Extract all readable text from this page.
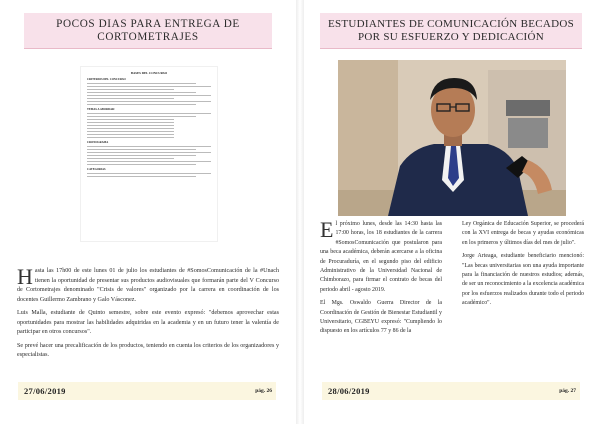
POCOS DIAS PARA ENTREGA DE CORTOMETRAJES
BASES DEL CONCURSO
CRITERIOS DEL CONCURSO
TEMAS A ABORDAR:
CRONOGRAMA
CATEGORIAS

Hasta las 17h00 de este lunes 01 de julio los estudiantes de #SomosComunicación de la #Unach tienen la oportunidad de presentar sus productos audiovisuales que formarán parte del V Concurso de Cortometrajes denominado "Crisis de valores" organizado por la carrera en coordinación de los docentes Guillermo Zambrano y Galo Vásconez.

Luis Malla, estudiante de Quinto semestre, sobre este evento expresó: "debemos aprovechar estas oportunidades para mostrar las habilidades adquiridas en la academia y en un futuro tener la valentía de participar en otros concursos".

Se prevé hacer una precalificación de los productos, teniendo en cuenta los criterios de los organizadores y especialistas.

27/06/2019	pág. 26
ESTUDIANTES DE COMUNICACIÓN BECADOS POR SU ESFUERZO Y DEDICACIÓN

El próximo lunes, desde las 14:30 hasta las 17:00 horas, los 18 estudiantes de la carrera #SomosComunicación que postularon para una beca académica, deberán acercarse a la oficina de Procuraduría, en el segundo piso del edificio Administrativo de la Universidad Nacional de Chimborazo, para firmar el contrato de becas del periodo abril - agosto 2019.

El Mgs. Oswaldo Guerra Director de la Coordinación de Gestión de Bienestar Estudiantil y Universitario, CGBEYU expresó: "Cumpliendo lo dispuesto en los artículos 77 y 86 de la

Ley Orgánica de Educación Superior, se procederá con la XVI entrega de becas y ayudas económicas en los primeros y últimos días del mes de julio".

Jorge Arteaga, estudiante beneficiario mencionó: "Las becas universitarias son una ayuda importante para la financiación de nuestros estudios; además, de ser un reconocimiento a la excelencia académica por los esfuerzos realizados durante todo el periodo académico".

28/06/2019	pág. 27
